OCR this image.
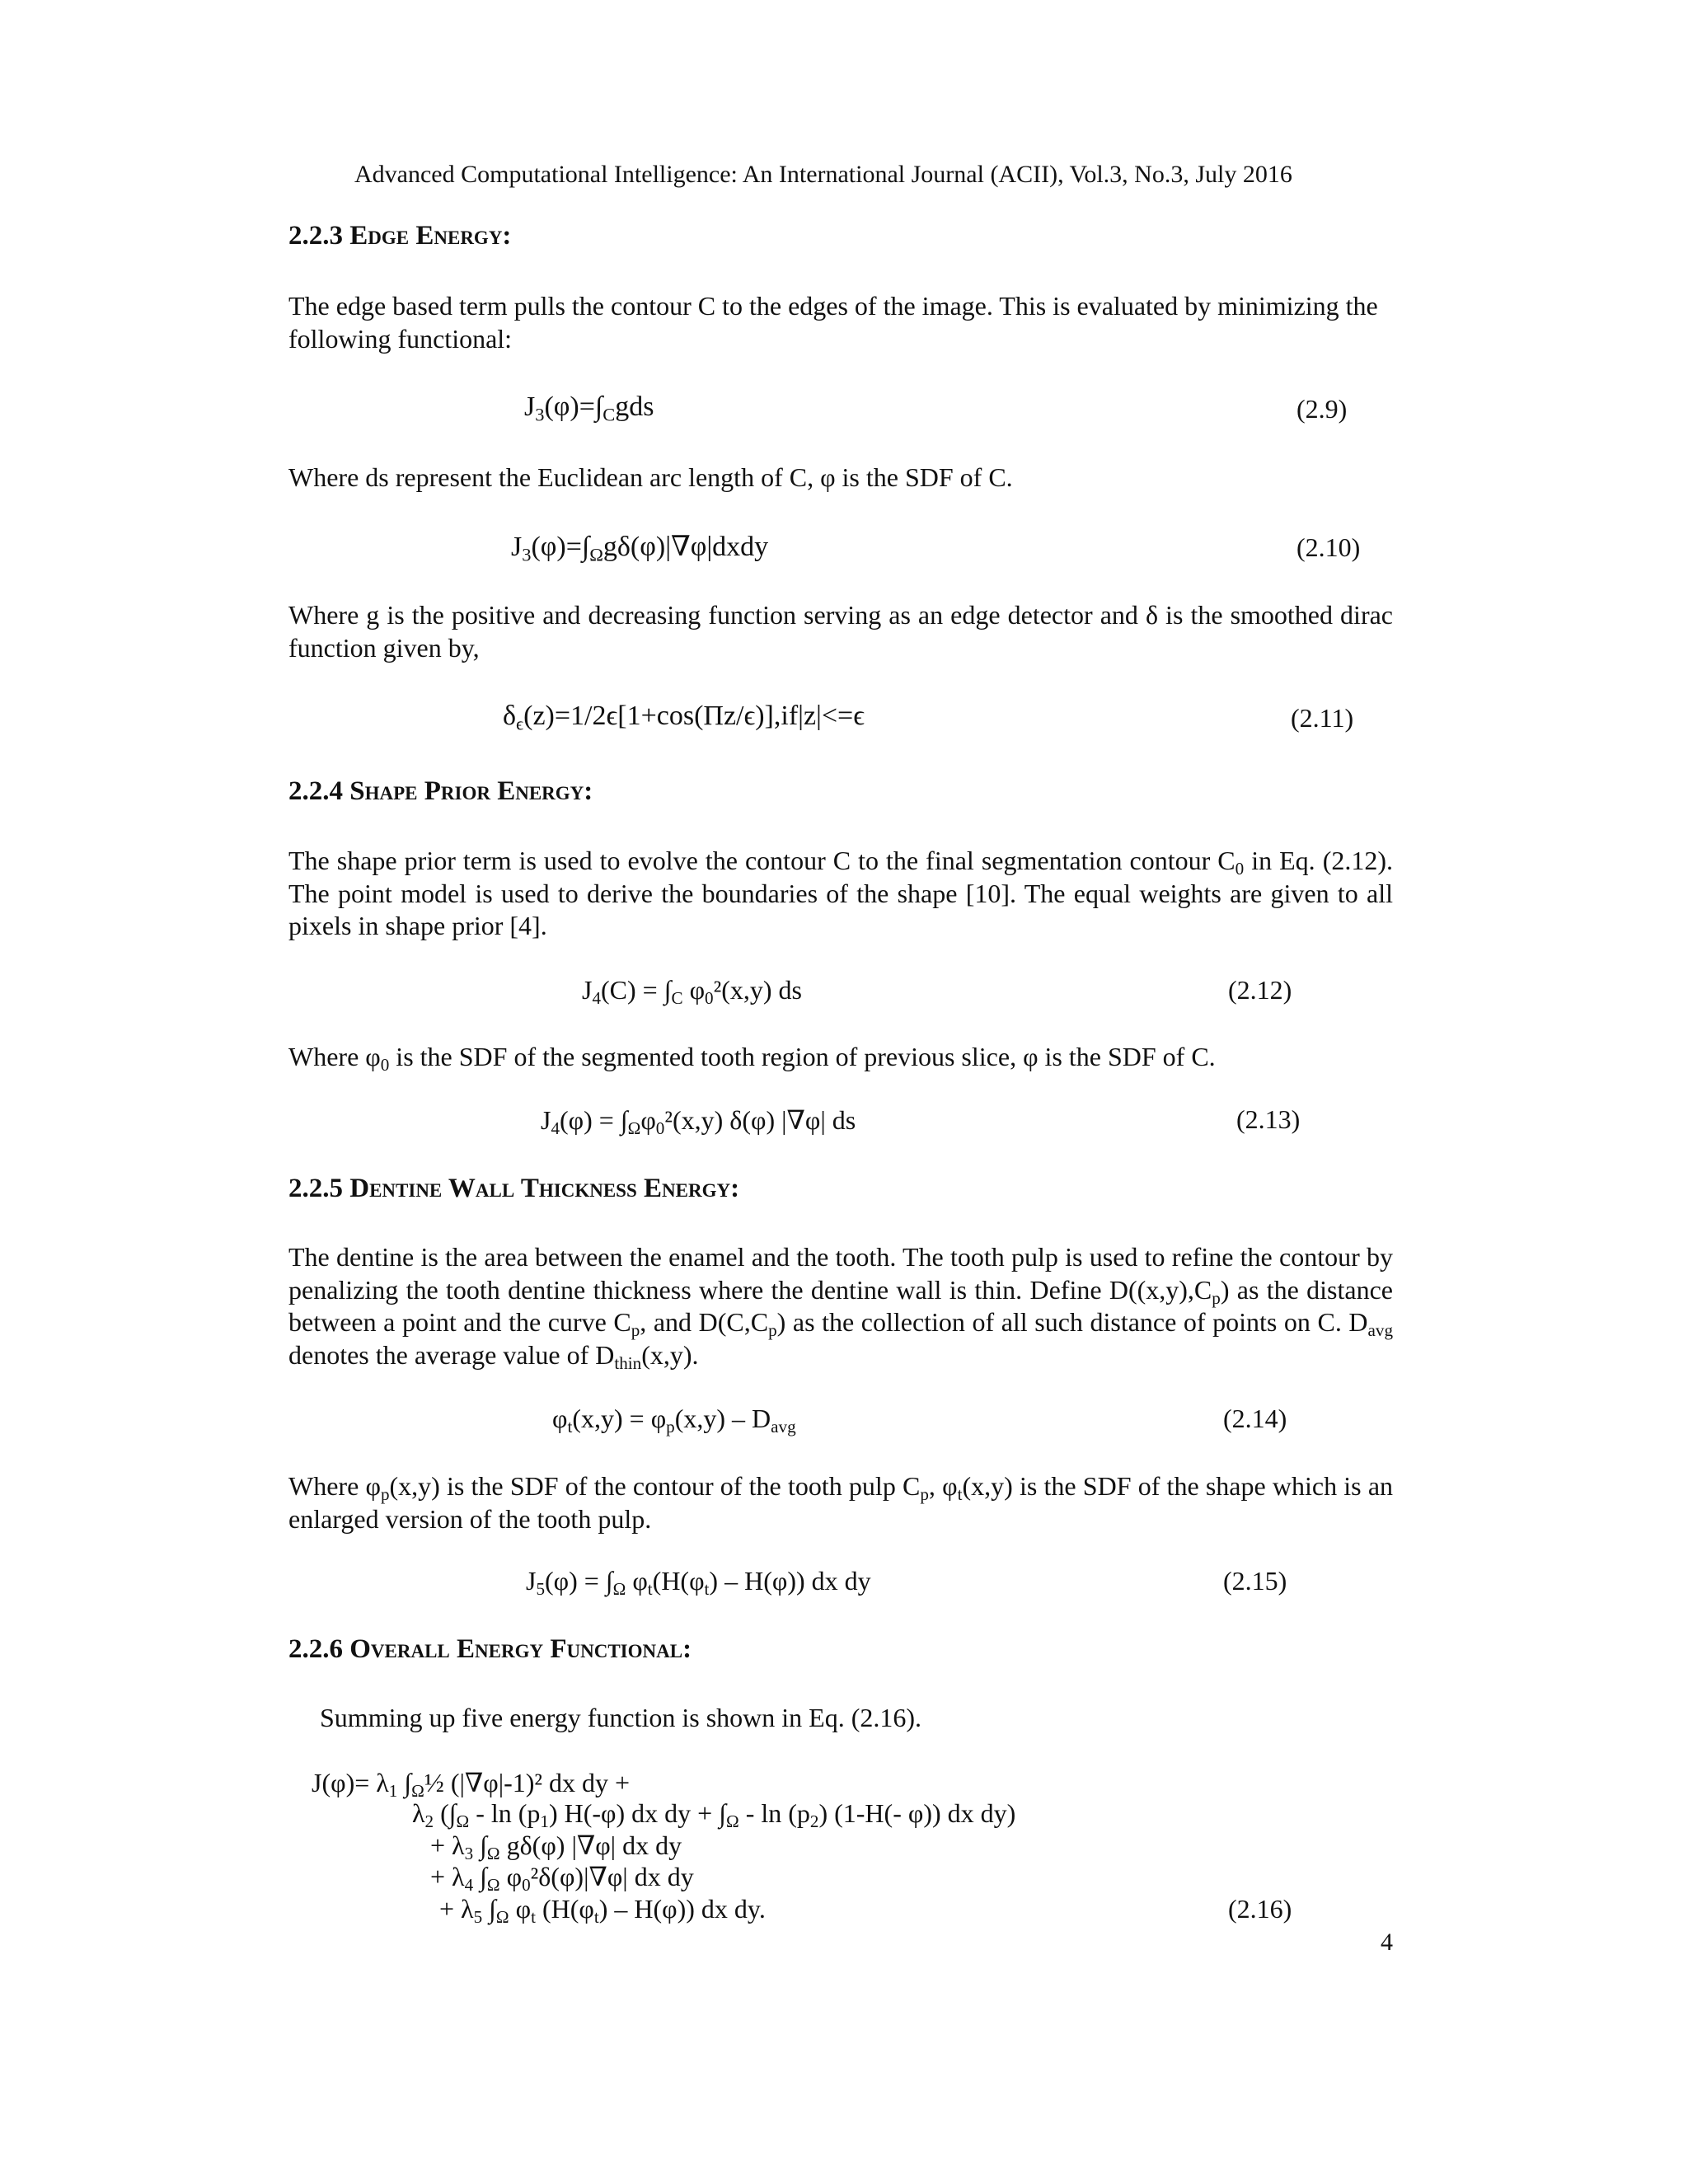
Advanced Computational Intelligence: An International Journal (ACII), Vol.3, No.3, July 2016
2.2.3 Edge Energy:

The edge based term pulls the contour C to the edges of the image. This is evaluated by minimizing the following functional:

$J_3(\varphi)=\int_Cgds$	(2.9)

Where ds represent the Euclidean arc length of C, φ is the SDF of C.

$J_3(\varphi)=\int_\Omega g\delta(\varphi)|\nabla\varphi|dxdy$	(2.10)

Where g is the positive and decreasing function serving as an edge detector and δ is the smoothed dirac function given by,

$\delta_\epsilon(z)=1/2\epsilon[1+\cos(\Pi z/\epsilon)],if|z|<=\epsilon$	(2.11)
2.2.4 Shape Prior Energy:

The shape prior term is used to evolve the contour C to the final segmentation contour $C_0$ in Eq. (2.12). The point model is used to derive the boundaries of the shape [10]. The equal weights are given to all pixels in shape prior [4].

$J_4(C) = \int_C$ $\varphi_0^2(x,y)$ ds	(2.12)

Where $\varphi_0$ is the SDF of the segmented tooth region of previous slice, φ is the SDF of C.

$J_4(\varphi) = \int_\Omega\varphi_0^2(x,y)$ δ(φ) |∇φ| ds	(2.13)
2.2.5 Dentine Wall Thickness Energy:

The dentine is the area between the enamel and the tooth. The tooth pulp is used to refine the contour by penalizing the tooth dentine thickness where the dentine wall is thin. Define $D((x,y),C_p)$ as the distance between a point and the curve $C_p$, and $D(C,C_p)$ as the collection of all such distance of points on C. $D_{avg}$ denotes the average value of $D_{thin}(x,y)$.

$\varphi_t(x,y) = \varphi_p(x,y) - D_{avg}$	(2.14)

Where $\varphi_p(x,y)$ is the SDF of the contour of the tooth pulp $C_p$, $\varphi_t(x,y)$ is the SDF of the shape which is an enlarged version of the tooth pulp.

$J_5(\varphi) = \int_\Omega$ $\varphi_t(H(\varphi_t) - H(\varphi))$ dx dy	(2.15)
2.2.6 Overall Energy Functional:
Summing up five energy function is shown in Eq. (2.16).
$J(\varphi)= \lambda_1$ $\int_\Omega\frac{1}{2}$ (|∇φ|-1)² dx dy +
$\lambda_2$ ($\int_\Omega$ - $\ln (p_1)$ H(-φ) dx dy + $\int_\Omega$ - $\ln (p_2)$ (1-H(- φ)) dx dy)
+ $\lambda_3$ $\int_\Omega$ gδ(φ) |∇φ| dx dy
+ $\lambda_4$ $\int_\Omega$ $\varphi_0^2\delta(\varphi)|\nabla\varphi|$ dx dy
+ $\lambda_5$ $\int_\Omega$ $\varphi_t$ $(H(\varphi_t) - H(\varphi))$ dx dy.	(2.16)
4
